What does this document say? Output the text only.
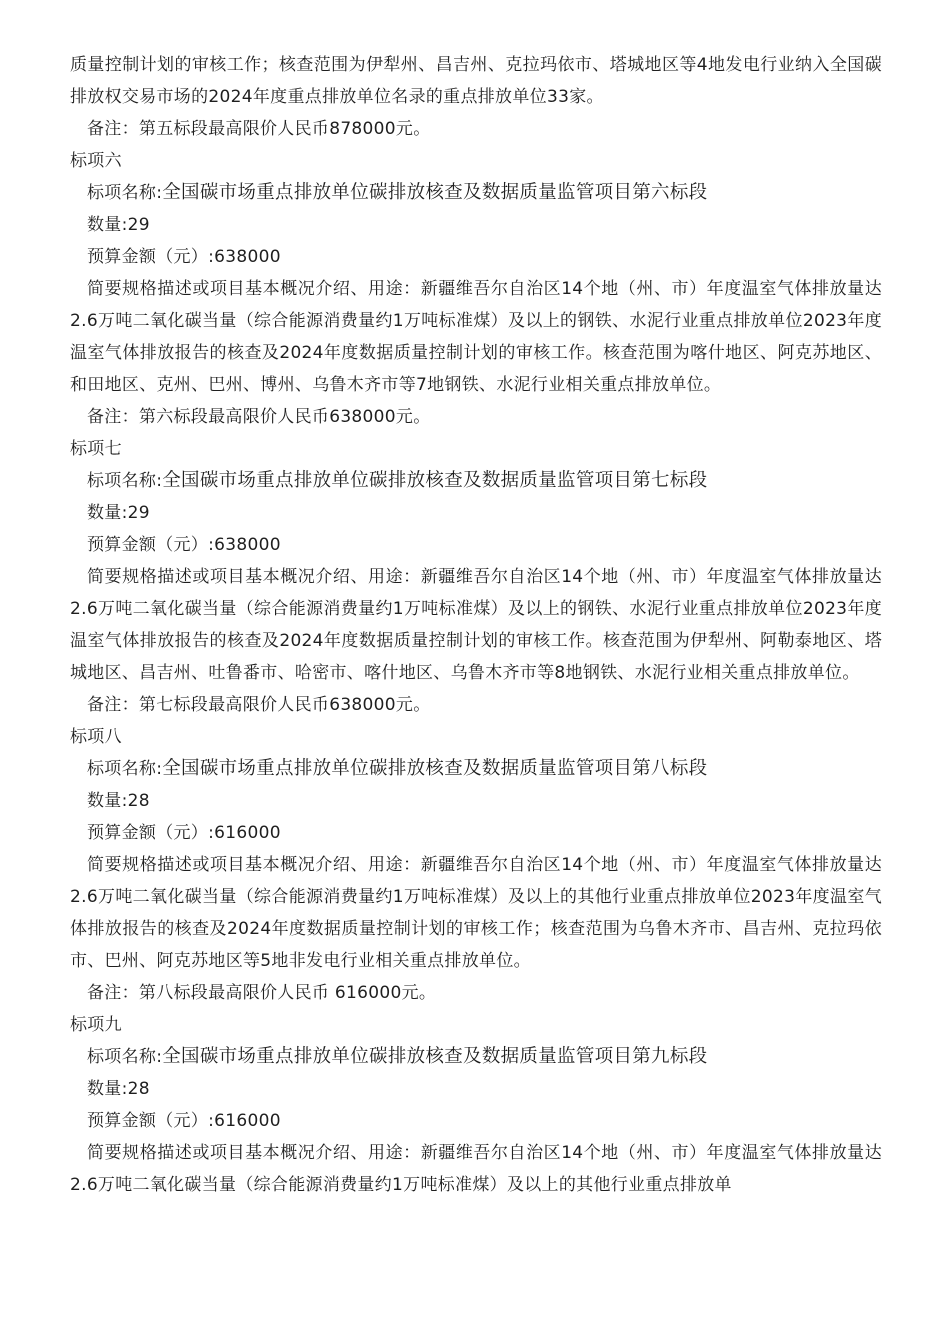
质量控制计划的审核工作；核查范围为伊犁州、昌吉州、克拉玛依市、塔城地区等4地发电行业纳入全国碳排放权交易市场的2024年度重点排放单位名录的重点排放单位33家。

备注：第五标段最高限价人民币878000元。

标项六

标项名称:全国碳市场重点排放单位碳排放核查及数据质量监管项目第六标段

数量:29

预算金额（元）:638000

简要规格描述或项目基本概况介绍、用途：新疆维吾尔自治区14个地（州、市）年度温室气体排放量达2.6万吨二氧化碳当量（综合能源消费量约1万吨标准煤）及以上的钢铁、水泥行业重点排放单位2023年度温室气体排放报告的核查及2024年度数据质量控制计划的审核工作。核查范围为喀什地区、阿克苏地区、和田地区、克州、巴州、博州、乌鲁木齐市等7地钢铁、水泥行业相关重点排放单位。

备注：第六标段最高限价人民币638000元。

标项七

标项名称:全国碳市场重点排放单位碳排放核查及数据质量监管项目第七标段

数量:29

预算金额（元）:638000

简要规格描述或项目基本概况介绍、用途：新疆维吾尔自治区14个地（州、市）年度温室气体排放量达2.6万吨二氧化碳当量（综合能源消费量约1万吨标准煤）及以上的钢铁、水泥行业重点排放单位2023年度温室气体排放报告的核查及2024年度数据质量控制计划的审核工作。核查范围为伊犁州、阿勒泰地区、塔城地区、昌吉州、吐鲁番市、哈密市、喀什地区、乌鲁木齐市等8地钢铁、水泥行业相关重点排放单位。

备注：第七标段最高限价人民币638000元。

标项八

标项名称:全国碳市场重点排放单位碳排放核查及数据质量监管项目第八标段

数量:28

预算金额（元）:616000

简要规格描述或项目基本概况介绍、用途：新疆维吾尔自治区14个地（州、市）年度温室气体排放量达2.6万吨二氧化碳当量（综合能源消费量约1万吨标准煤）及以上的其他行业重点排放单位2023年度温室气体排放报告的核查及2024年度数据质量控制计划的审核工作；核查范围为乌鲁木齐市、昌吉州、克拉玛依市、巴州、阿克苏地区等5地非发电行业相关重点排放单位。

备注：第八标段最高限价人民币 616000元。

标项九

标项名称:全国碳市场重点排放单位碳排放核查及数据质量监管项目第九标段

数量:28

预算金额（元）:616000

简要规格描述或项目基本概况介绍、用途：新疆维吾尔自治区14个地（州、市）年度温室气体排放量达2.6万吨二氧化碳当量（综合能源消费量约1万吨标准煤）及以上的其他行业重点排放单
